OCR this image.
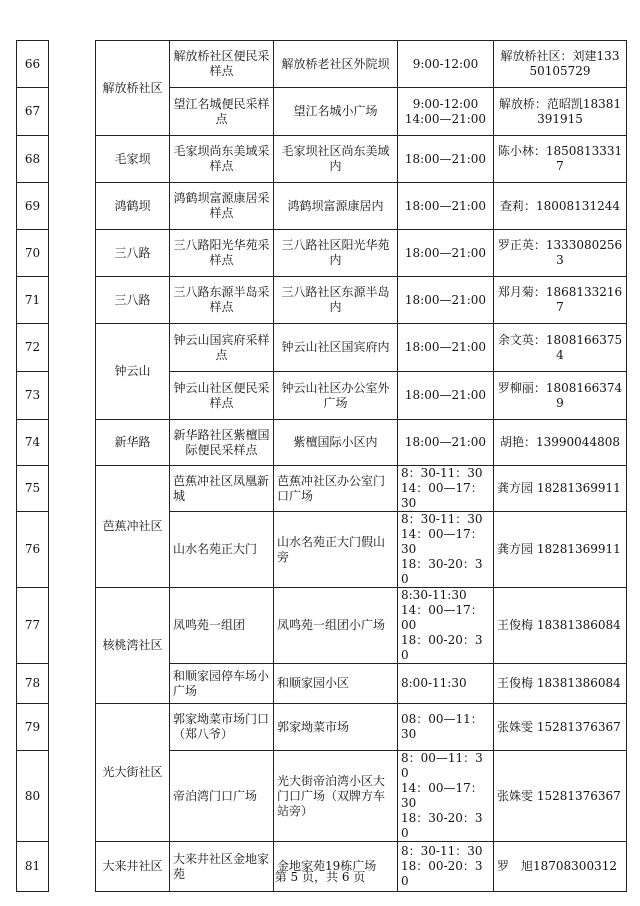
66		解放桥社区	解放桥社区便民采样点	解放桥老社区外院坝	9:00-12:00	解放桥社区：刘建13350105729
67			望江名城便民采样点	望江名城小广场	9:00-12:00
14:00—21:00	解放桥：范昭凯18381391915
68		毛家坝	毛家坝尚东美域采样点	毛家坝社区尚东美域内	18:00—21:00	陈小林：18508133317
69		鸿鹤坝	鸿鹤坝富源康居采样点	鸿鹤坝富源康居内	18:00—21:00	查莉：18008131244
70		三八路	三八路阳光华苑采样点	三八路社区阳光华苑内	18:00—21:00	罗正英：13330802563
71		三八路	三八路东源半岛采样点	三八路社区东源半岛内	18:00—21:00	郑月菊：18681332167
72		钟云山	钟云山国宾府采样点	钟云山社区国宾府内	18:00—21:00	余文英：18081663754
73			钟云山社区便民采样点	钟云山社区办公室外广场	18:00—21:00	罗柳丽：18081663749
74		新华路	新华路社区紫檀国际便民采样点	紫檀国际小区内	18:00—21:00	胡艳：13990044808
75		芭蕉冲社区	芭蕉冲社区凤凰新城	芭蕉冲社区办公室门口广场	8：30-11：30
14：00—17：30	龚方园 18281369911
76			山水名苑正大门	山水名苑正大门假山旁	8：30-11：30
14：00—17：30
18：30-20：30	龚方园 18281369911
77		核桃湾社区	凤鸣苑一组团	凤鸣苑一组团小广场	8:30-11:30
14：00—17：00
18：00-20：30	王俊梅 18381386084
78			和顺家园停车场小广场	和顺家园小区	8:00-11:30	王俊梅 18381386084
79		光大街社区	郭家坳菜市场门口（郑八爷）	郭家坳菜市场	08：00—11：30	张姝雯 15281376367
80			帝泊湾门口广场	光大街帝泊湾小区大门口广场（双牌方车站旁）	8：00—11：30
14：00—17：30
18：30-20：30	张姝雯 15281376367
81		大来井社区	大来井社区金地家苑	金地家苑19栋广场	8：30-11：30
18：00-20：30	罗　旭18708300312
第 5 页，共 6 页
